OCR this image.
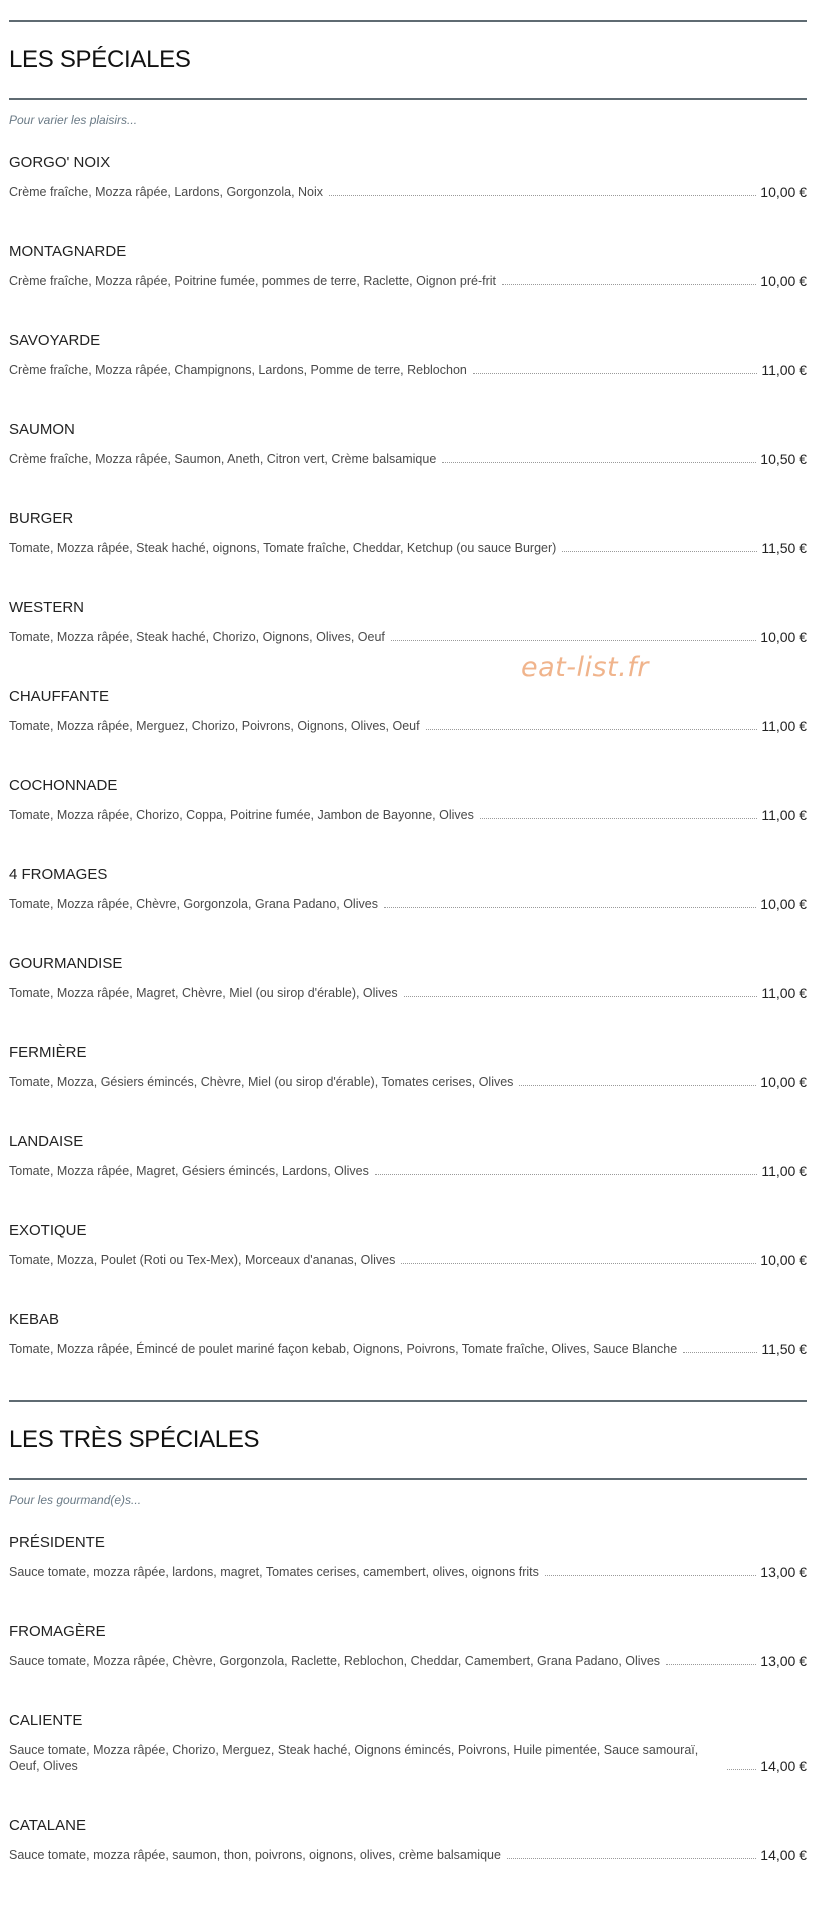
LES SPÉCIALES
Pour varier les plaisirs...
GORGO' NOIX
Crème fraîche, Mozza râpée, Lardons, Gorgonzola, Noix	10,00 €
MONTAGNARDE
Crème fraîche, Mozza râpée, Poitrine fumée, pommes de terre, Raclette, Oignon pré-frit	10,00 €
SAVOYARDE
Crème fraîche, Mozza râpée, Champignons, Lardons, Pomme de terre, Reblochon	11,00 €
SAUMON
Crème fraîche, Mozza râpée, Saumon, Aneth, Citron vert, Crème balsamique	10,50 €
BURGER
Tomate, Mozza râpée, Steak haché, oignons, Tomate fraîche, Cheddar, Ketchup (ou sauce Burger)	11,50 €
WESTERN
Tomate, Mozza râpée, Steak haché, Chorizo, Oignons, Olives, Oeuf	10,00 €
CHAUFFANTE
Tomate, Mozza râpée, Merguez, Chorizo, Poivrons, Oignons, Olives, Oeuf	11,00 €
COCHONNADE
Tomate, Mozza râpée, Chorizo, Coppa, Poitrine fumée, Jambon de Bayonne, Olives	11,00 €
4 FROMAGES
Tomate, Mozza râpée, Chèvre, Gorgonzola, Grana Padano, Olives	10,00 €
GOURMANDISE
Tomate, Mozza râpée, Magret, Chèvre, Miel (ou sirop d'érable), Olives	11,00 €
FERMIÈRE
Tomate, Mozza, Gésiers émincés, Chèvre, Miel (ou sirop d'érable), Tomates cerises, Olives	10,00 €
LANDAISE
Tomate, Mozza râpée, Magret, Gésiers émincés, Lardons, Olives	11,00 €
EXOTIQUE
Tomate, Mozza, Poulet (Roti ou Tex-Mex), Morceaux d'ananas, Olives	10,00 €
KEBAB
Tomate, Mozza râpée, Émincé de poulet mariné façon kebab, Oignons, Poivrons, Tomate fraîche, Olives, Sauce Blanche	11,50 €
LES TRÈS SPÉCIALES
Pour les gourmand(e)s...
PRÉSIDENTE
Sauce tomate, mozza râpée, lardons, magret, Tomates cerises, camembert, olives, oignons frits	13,00 €
FROMAGÈRE
Sauce tomate, Mozza râpée, Chèvre, Gorgonzola, Raclette, Reblochon, Cheddar, Camembert, Grana Padano, Olives	13,00 €
CALIENTE
Sauce tomate, Mozza râpée, Chorizo, Merguez, Steak haché, Oignons émincés, Poivrons, Huile pimentée, Sauce samouraï, Oeuf, Olives	14,00 €
CATALANE
Sauce tomate, mozza râpée, saumon, thon, poivrons, oignons, olives, crème balsamique	14,00 €
eat-list.fr
